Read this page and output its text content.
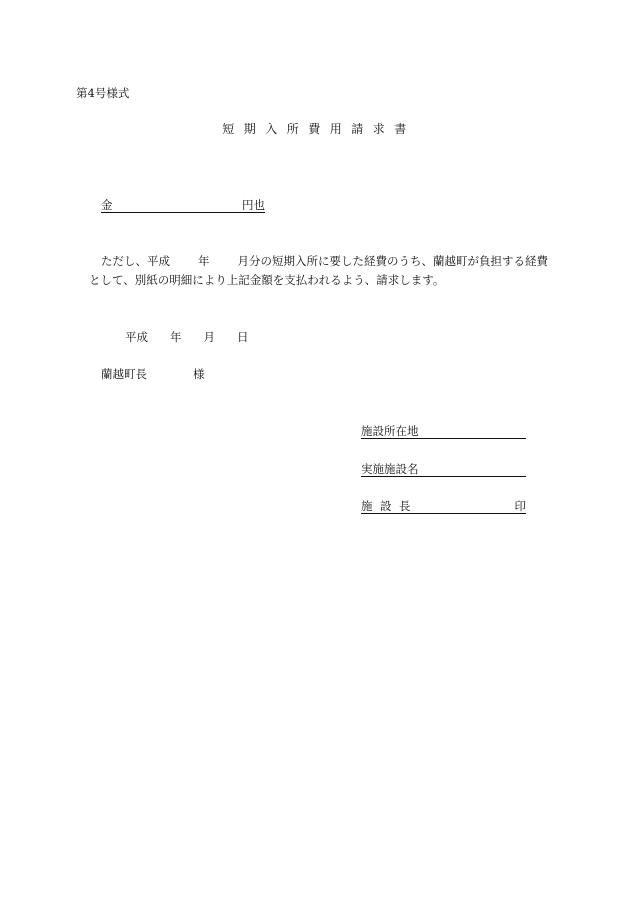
第4号様式
短期入所費用請求書
金	円也
ただし、平成 年 月分の短期入所に要した経費のうち、蘭越町が負担する経費
として、別紙の明細により上記金額を支払われるよう、請求します。
平成 年 月 日
蘭越町長	様
施設所在地
実施施設名
施 設 長	印
